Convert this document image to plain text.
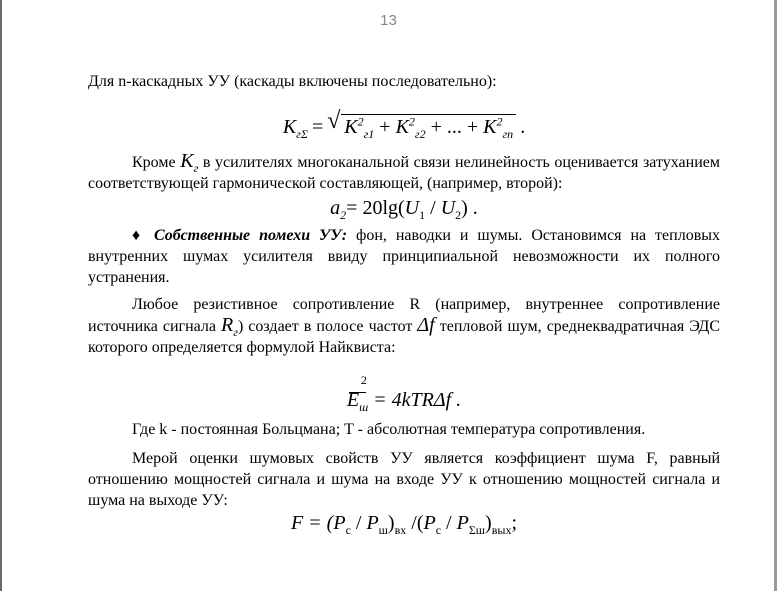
13

Для n-каскадных УУ (каскады включены последовательно):

$K_{г\Sigma}$ = √ $K^2_{г1} + K^2_{г2}$ + ... + $K^2_{гn}$ .

Кроме $K_г$ в усилителях многоканальной связи нелинейность оценивается затуханием соответствующей гармонической составляющей, (например, второй):

$a_2= 20\lg(U_1 / U_2)$ .

♦ Собственные помехи УУ: фон, наводки и шумы. Остановимся на тепловых внутренних шумах усилителя ввиду принципиальной невозможности их полного устранения.

Любое резистивное сопротивление R (например, внутреннее сопротивление источника сигнала $R_г$) создает в полосе частот Δf тепловой шум, среднеквадратичная ЭДС которого определяется формулой Найквиста:

2
$E_ш = 4kTR\Delta f$ .

Где k - постоянная Больцмана; T - абсолютная температура сопротивления.

Мерой оценки шумовых свойств УУ является коэффициент шума F, равный отношению мощностей сигнала и шума на входе УУ к отношению мощностей сигнала и шума на выходе УУ:

$F = (P_с / P_ш)_{вх}$ $/(P_с / P_{\Sigma ш})_{вых}$;
